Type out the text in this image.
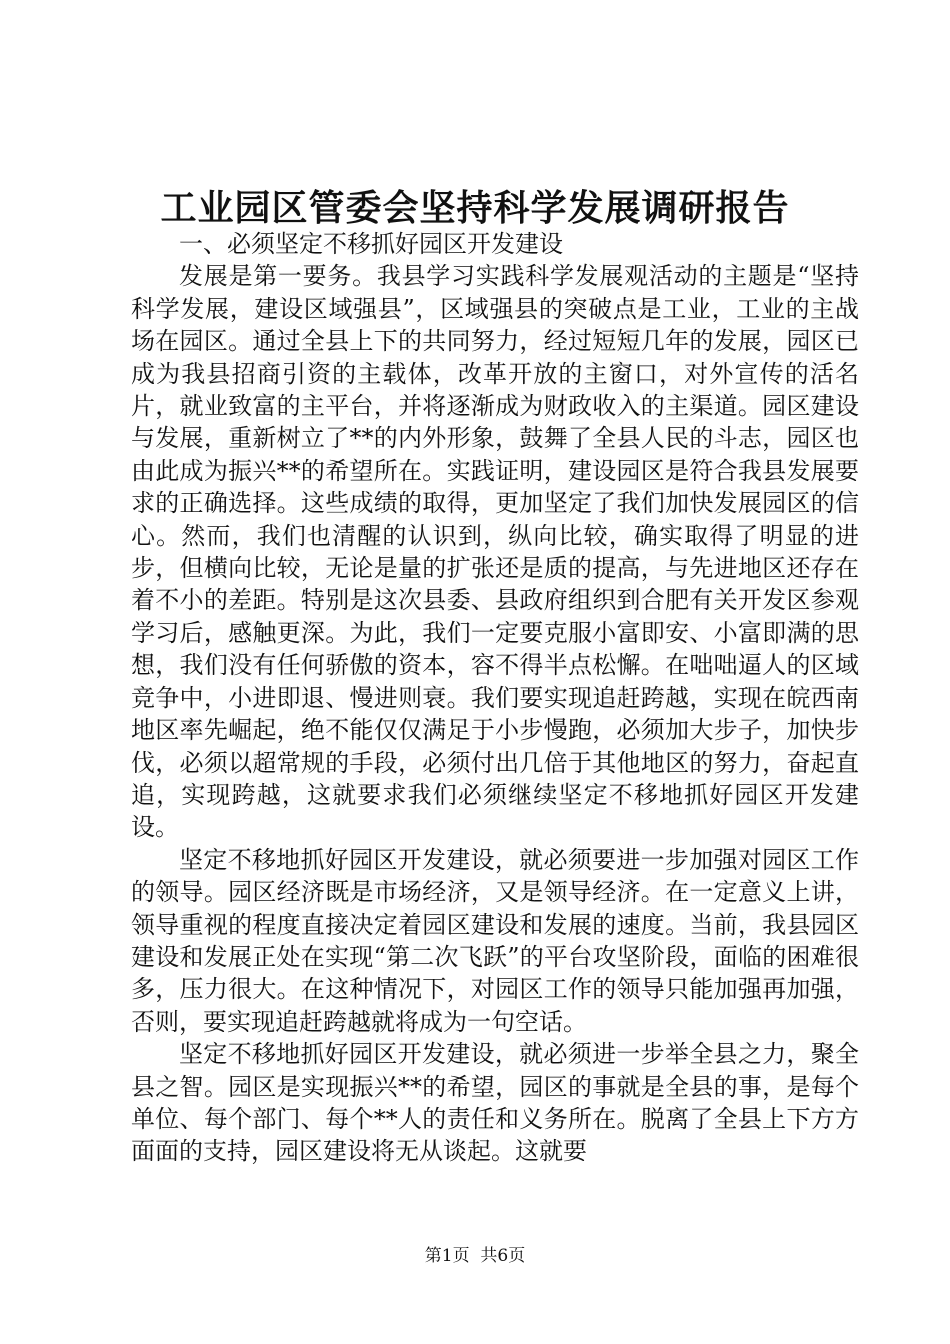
工业园区管委会坚持科学发展调研报告

一、必须坚定不移抓好园区开发建设

发展是第一要务。我县学习实践科学发展观活动的主题是“坚持科学发展，建设区域强县”，区域强县的突破点是工业，工业的主战场在园区。通过全县上下的共同努力，经过短短几年的发展，园区已成为我县招商引资的主载体，改革开放的主窗口，对外宣传的活名片，就业致富的主平台，并将逐渐成为财政收入的主渠道。园区建设与发展，重新树立了**的内外形象，鼓舞了全县人民的斗志，园区也由此成为振兴**的希望所在。实践证明，建设园区是符合我县发展要求的正确选择。这些成绩的取得，更加坚定了我们加快发展园区的信心。然而，我们也清醒的认识到，纵向比较，确实取得了明显的进步，但横向比较，无论是量的扩张还是质的提高，与先进地区还存在着不小的差距。特别是这次县委、县政府组织到合肥有关开发区参观学习后，感触更深。为此，我们一定要克服小富即安、小富即满的思想，我们没有任何骄傲的资本，容不得半点松懈。在咄咄逼人的区域竞争中，小进即退、慢进则衰。我们要实现追赶跨越，实现在皖西南地区率先崛起，绝不能仅仅满足于小步慢跑，必须加大步子，加快步伐，必须以超常规的手段，必须付出几倍于其他地区的努力，奋起直追，实现跨越，这就要求我们必须继续坚定不移地抓好园区开发建设。

坚定不移地抓好园区开发建设，就必须要进一步加强对园区工作的领导。园区经济既是市场经济，又是领导经济。在一定意义上讲，领导重视的程度直接决定着园区建设和发展的速度。当前，我县园区建设和发展正处在实现“第二次飞跃”的平台攻坚阶段，面临的困难很多，压力很大。在这种情况下，对园区工作的领导只能加强再加强，否则，要实现追赶跨越就将成为一句空话。

坚定不移地抓好园区开发建设，就必须进一步举全县之力，聚全县之智。园区是实现振兴**的希望，园区的事就是全县的事，是每个单位、每个部门、每个**人的责任和义务所在。脱离了全县上下方方面面的支持，园区建设将无从谈起。这就要

第1页 共6页
